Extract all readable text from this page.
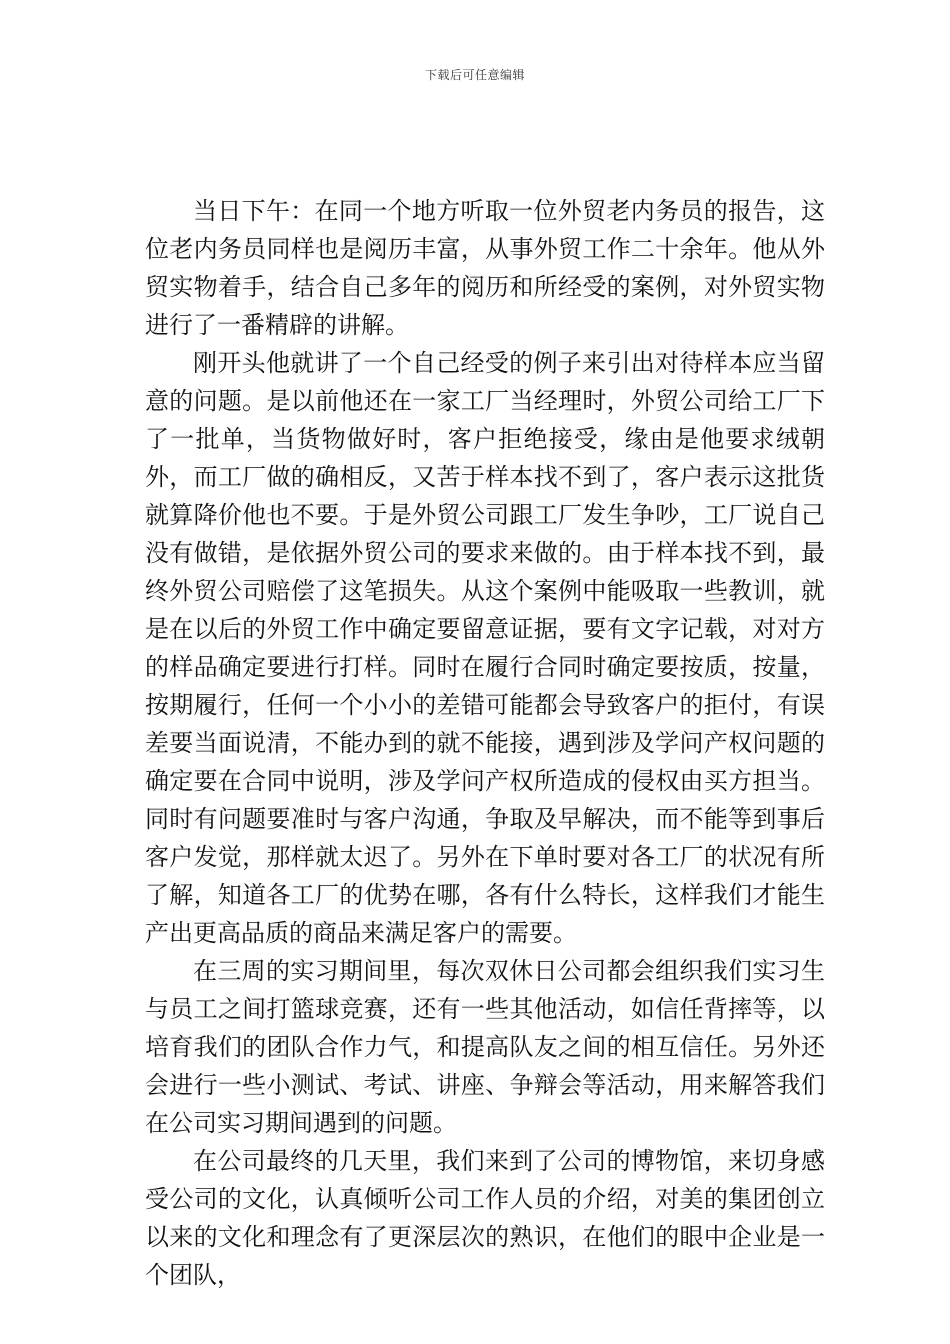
下载后可任意编辑

当日下午：在同一个地方听取一位外贸老内务员的报告，这位老内务员同样也是阅历丰富，从事外贸工作二十余年。他从外贸实物着手，结合自己多年的阅历和所经受的案例，对外贸实物进行了一番精辟的讲解。

刚开头他就讲了一个自己经受的例子来引出对待样本应当留意的问题。是以前他还在一家工厂当经理时，外贸公司给工厂下了一批单，当货物做好时，客户拒绝接受，缘由是他要求绒朝外，而工厂做的确相反，又苦于样本找不到了，客户表示这批货就算降价他也不要。于是外贸公司跟工厂发生争吵，工厂说自己没有做错，是依据外贸公司的要求来做的。由于样本找不到，最终外贸公司赔偿了这笔损失。从这个案例中能吸取一些教训，就是在以后的外贸工作中确定要留意证据，要有文字记载，对对方的样品确定要进行打样。同时在履行合同时确定要按质，按量，按期履行，任何一个小小的差错可能都会导致客户的拒付，有误差要当面说清，不能办到的就不能接，遇到涉及学问产权问题的确定要在合同中说明，涉及学问产权所造成的侵权由买方担当。同时有问题要准时与客户沟通，争取及早解决，而不能等到事后客户发觉，那样就太迟了。另外在下单时要对各工厂的状况有所了解，知道各工厂的优势在哪，各有什么特长，这样我们才能生产出更高品质的商品来满足客户的需要。

在三周的实习期间里，每次双休日公司都会组织我们实习生与员工之间打篮球竞赛，还有一些其他活动，如信任背摔等，以培育我们的团队合作力气，和提高队友之间的相互信任。另外还会进行一些小测试、考试、讲座、争辩会等活动，用来解答我们在公司实习期间遇到的问题。

在公司最终的几天里，我们来到了公司的博物馆，来切身感受公司的文化，认真倾听公司工作人员的介绍，对美的集团创立以来的文化和理念有了更深层次的熟识，在他们的眼中企业是一个团队，
